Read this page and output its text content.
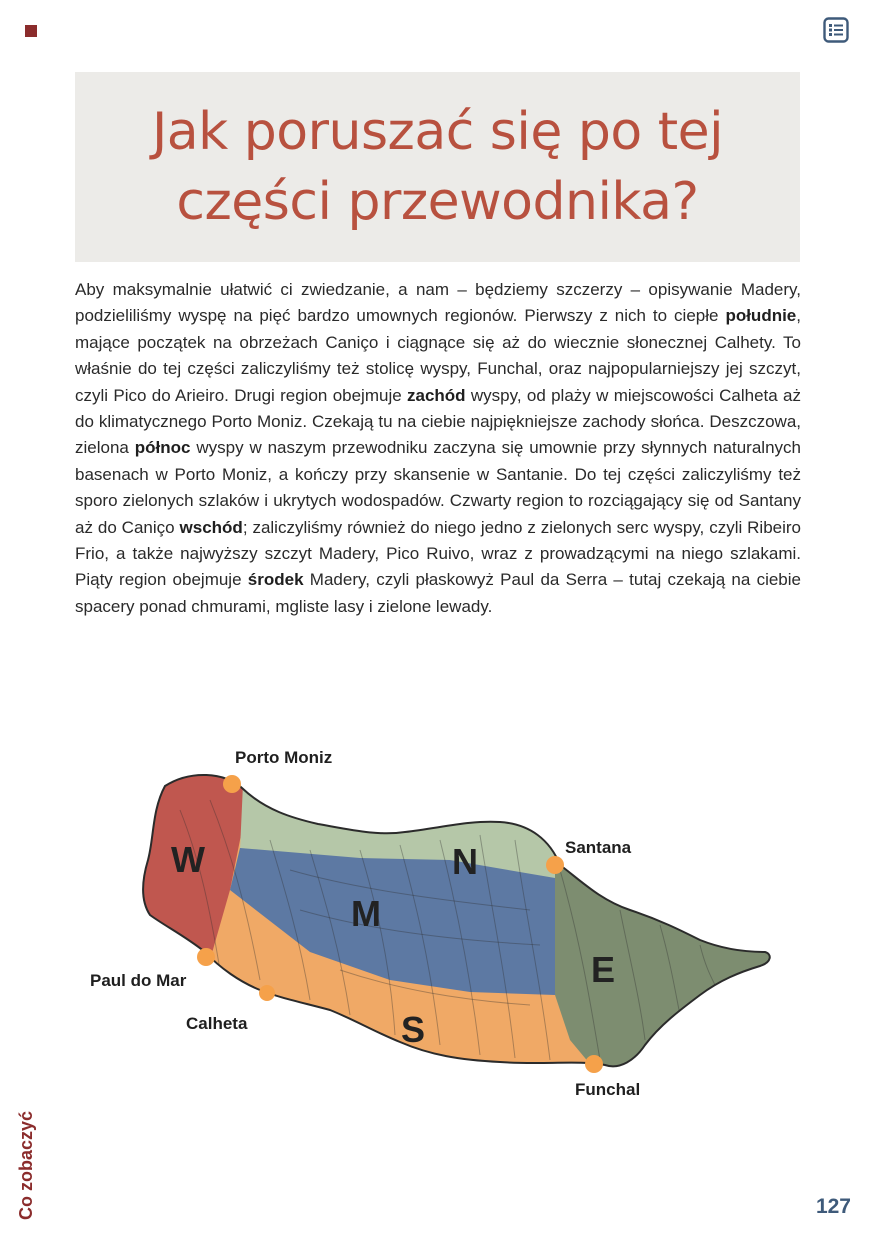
Jak poruszać się po tej
części przewodnika?

Aby maksymalnie ułatwić ci zwiedzanie, a nam – będziemy szczerzy – opisywanie Madery, podzieliliśmy wyspę na pięć bardzo umownych regionów. Pierwszy z nich to ciepłe południe, mające początek na obrzeżach Caniço i ciągnące się aż do wiecznie słonecznej Calhety. To właśnie do tej części zaliczyliśmy też stolicę wyspy, Funchal, oraz najpopularniejszy jej szczyt, czyli Pico do Arieiro. Drugi region obejmuje zachód wyspy, od plaży w miejscowości Calheta aż do klimatycznego Porto Moniz. Czekają tu na ciebie najpiękniejsze zachody słońca. Deszczowa, zielona północ wyspy w naszym przewodniku zaczyna się umownie przy słynnych naturalnych basenach w Porto Moniz, a kończy przy skansenie w Santanie. Do tej części zaliczyliśmy też sporo zielonych szlaków i ukrytych wodospadów. Czwarty region to rozciągający się od Santany aż do Caniço wschód; zaliczyliśmy również do niego jedno z zielonych serc wyspy, czyli Ribeiro Frio, a także najwyższy szczyt Madery, Pico Ruivo, wraz z prowadzącymi na niego szlakami. Piąty region obejmuje środek Madery, czyli płaskowyż Paul da Serra – tutaj czekają na ciebie spacery ponad chmurami, mgliste lasy i zielone lewady.

W	N
M
E
S
Porto Moniz
Santana
Paul do Mar
Calheta
Funchal
Co zobaczyć	127
